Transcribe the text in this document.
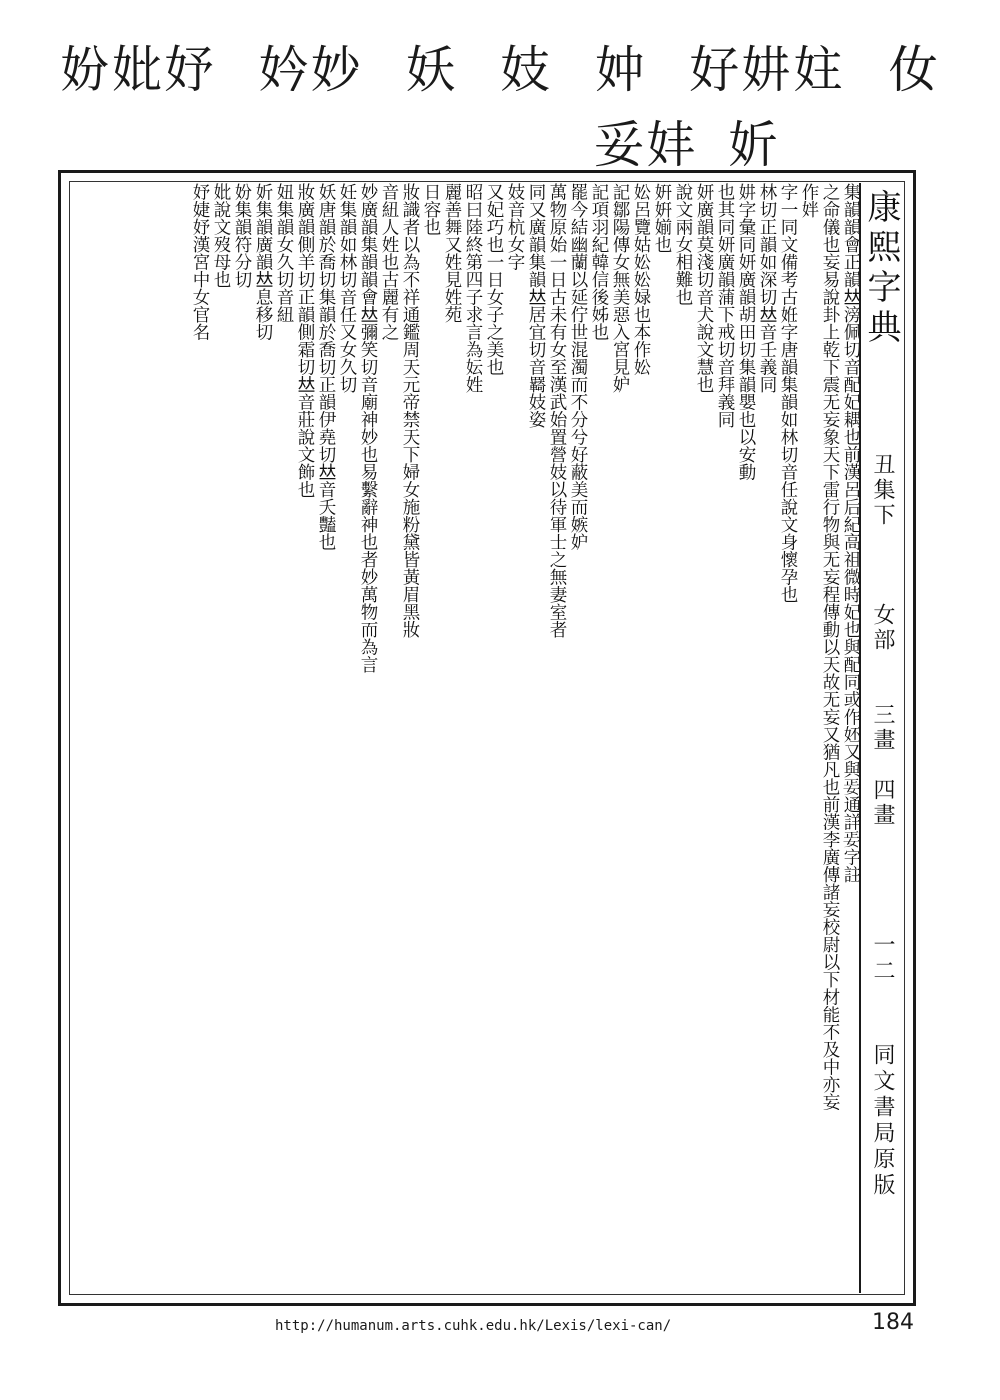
㚢
好妌妵
妕
妓
妖
妗妙
妢妣妤
妡
妥妦
集韻韻會正韻𠀤滂佩切音配妃耦也前漢呂后紀高祖微時妃也與配同或作㚰又與𡛵通詳𡛵字註
之命儀也妄易說卦上乾下震无妄象天下雷行物與无妄程傳動以天故无妄又猶凡也前漢李廣傳諸妄校尉以下材能不及中亦妄
作姅
字一同文備考古姙字唐韻集韻如林切音任說文身懷孕也
林切正韻如深切𠀤音壬義同
妌字彙同妍廣韻胡田切集韻嬰也以安動
也其同妍廣韻蒲下戒切音拜義同
妍廣韻莫淺切音犬說文慧也
說文兩女相難也
姸姸媊也
妐呂覽姑妐妐娽也本作妐
記鄒陽傳女無美惡入宮見妒
記項羽紀韓信後姊也
罷今結幽蘭以延佇世混濁而不分兮好蔽美而嫉妒
萬物原始一日古未有女至漢武始置營妓以待軍士之無妻室者
同又廣韻集韻𠀤居宜切音羇妓姿
妓音杭女字
又妃巧也一日女子之美也
昭曰陸終第四子求言為妘姓
麗善舞又姓見姓苑
日容也
妝識者以為不祥通鑑周天元帝禁天下婦女施粉黛皆黃眉黑妝
音紐人姓也古麗有之
妙廣韻集韻韻會𠀤彌笑切音廟神妙也易繫辭神也者妙萬物而為言
妊集韻如林切音任又女久切
妖唐韻於喬切集韻於喬切正韻伊堯切𠀤音夭豔也
妝廣韻側羊切正韻側霜切𠀤音莊說文飾也
妞集韻女久切音紐
妡集韻廣韻𠀤息移切
妢集韻符分切
妣說文歿母也
妤婕妤漢宮中女官名	康熙字典
丑集下
女部
三畫　四畫
一二
同文書局原版
http://humanum.arts.cuhk.edu.hk/Lexis/lexi-can/	184
